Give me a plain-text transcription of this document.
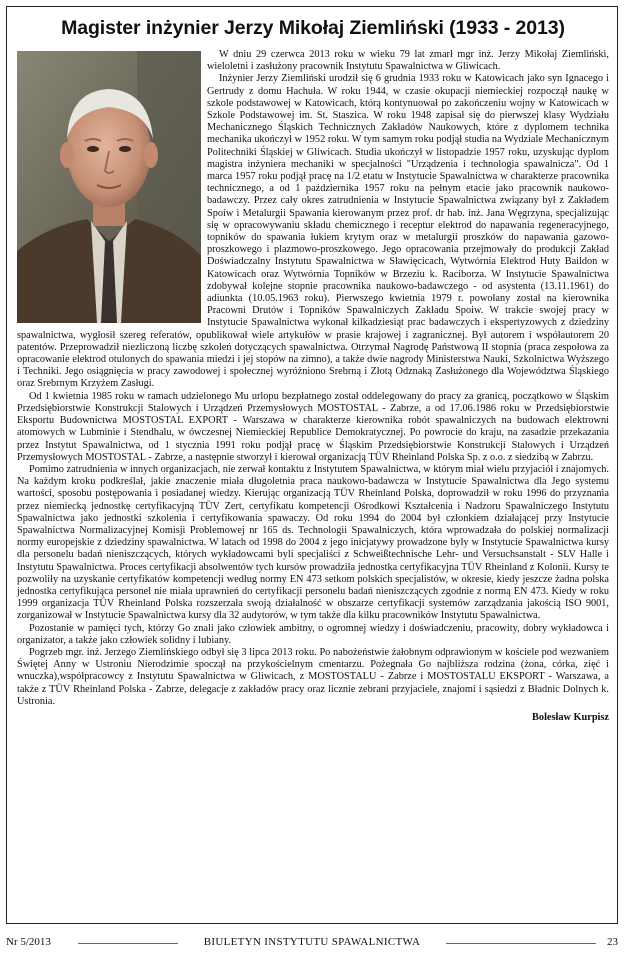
Magister inżynier Jerzy Mikołaj Ziemliński (1933 - 2013)

W dniu 29 czerwca 2013 roku w wieku 79 lat zmarł mgr inż. Jerzy Mikołaj Ziemliński, wieloletni i zasłużony pracownik Instytutu Spawalnictwa w Gliwicach.

Inżynier Jerzy Ziemliński urodził się 6 grudnia 1933 roku w Katowicach jako syn Ignacego i Gertrudy z domu Hachuła. W roku 1944, w czasie okupacji niemieckiej rozpoczął naukę w szkole podstawowej w Katowicach, którą kontynuował po zakończeniu wojny w Katowicach w Szkole Podstawowej im. St. Staszica. W roku 1948 zapisał się do pierwszej klasy Wydziału Mechanicznego Śląskich Technicznych Zakładów Naukowych, które z dyplomem technika mechanika ukończył w 1952 roku. W tym samym roku podjął studia na Wydziale Mechanicznym Politechniki Śląskiej w Gliwicach. Studia ukończył w listopadzie 1957 roku, uzyskując dyplom magistra inżyniera mechaniki w specjalności "Urządzenia i technologia spawalnicza". Od 1 marca 1957 roku podjął pracę na 1/2 etatu w Instytucie Spawalnictwa w charakterze pracownika technicznego, a od 1 października 1957 roku na pełnym etacie jako pracownik naukowo-badawczy. Przez cały okres zatrudnienia w Instytucie Spawalnictwa związany był z Zakładem Spoiw i Metalurgii Spawania kierowanym przez prof. dr hab. inż. Jana Węgrzyna, specjalizując się w opracowywaniu składu chemicznego i receptur elektrod do napawania regeneracyjnego, topników do spawania łukiem krytym oraz w metalurgii proszków do napawania gazowo-proszkowego i plazmowo-proszkowego. Jego opracowania przejmowały do produkcji Zakład Doświadczalny Instytutu Spawalnictwa w Sławięcicach, Wytwórnia Elektrod Huty Baildon w Katowicach oraz Wytwórnia Topników w Brzeziu k. Raciborza. W Instytucie Spawalnictwa zdobywał kolejne stopnie pracownika naukowo-badawczego - od asystenta (13.11.1961) do adiunkta (10.05.1963 roku). Pierwszego kwietnia 1979 r. powołany został na kierownika Pracowni Drutów i Topników Spawalniczych Zakładu Spoiw. W trakcie swojej pracy w Instytucie Spawalnictwa wykonał kilkadziesiąt prac badawczych i ekspertyzowych z dziedziny spawalnictwa, wygłosił szereg referatów, opublikował wiele artykułów w prasie krajowej i zagranicznej. Był autorem i współautorem 20 patentów. Przeprowadził niezliczoną liczbę szkoleń dotyczących spawalnictwa. Otrzymał Nagrodę Państwową II stopnia (praca zespołowa za opracowanie elektrod otulonych do spawania miedzi i jej stopów na zimno), a także dwie nagrody Ministerstwa Nauki, Szkolnictwa Wyższego i Techniki. Jego osiągnięcia w pracy zawodowej i społecznej wyróżniono Srebrną i Złotą Odznaką Zasłużonego dla Województwa Śląskiego oraz Srebrnym Krzyżem Zasługi.

Od 1 kwietnia 1985 roku w ramach udzielonego Mu urlopu bezpłatnego został oddelegowany do pracy za granicą, początkowo w Śląskim Przedsiębiorstwie Konstrukcji Stalowych i Urządzeń Przemysłowych MOSTOSTAL - Zabrze, a od 17.06.1986 roku w Przedsiębiorstwie Eksportu Budownictwa MOSTOSTAL EXPORT - Warszawa w charakterze kierownika robót spawalniczych na budowach elektrowni atomowych w Lubminie i Stendhalu, w ówczesnej Niemieckiej Republice Demokratycznej. Po powrocie do kraju, na zasadzie przekazania przez Instytut Spawalnictwa, od 1 stycznia 1991 roku podjął pracę w Śląskim Przedsiębiorstwie Konstrukcji Stalowych i Urządzeń Przemysłowych MOSTOSTAL - Zabrze, a następnie stworzył i kierował organizacją TÜV Rheinland Polska Sp. z o.o. z siedzibą w Zabrzu.

Pomimo zatrudnienia w innych organizacjach, nie zerwał kontaktu z Instytutem Spawalnictwa, w którym miał wielu przyjaciół i znajomych. Na każdym kroku podkreślał, jakie znaczenie miała długoletnia praca naukowo-badawcza w Instytucie Spawalnictwa dla Jego systemu wartości, sposobu postępowania i posiadanej wiedzy. Kierując organizacją TÜV Rheinland Polska, doprowadził w roku 1996 do przyznania przez niemiecką jednostkę certyfikacyjną TÜV Zert, certyfikatu kompetencji Ośrodkowi Kształcenia i Nadzoru Spawalniczego Instytutu Spawalnictwa jako jednostki szkolenia i certyfikowania spawaczy. Od roku 1994 do 2004 był członkiem działającej przy Instytucie Spawalnictwa Normalizacyjnej Komisji Problemowej nr 165 ds. Technologii Spawalniczych, która wprowadzała do polskiej normalizacji normy europejskie z dziedziny spawalnictwa. W latach od 1998 do 2004 z jego inicjatywy prowadzone były w Instytucie Spawalnictwa kursy dla personelu badań nieniszczących, których wykładowcami byli specjaliści z Schweißtechnische Lehr- und Versuchsanstalt - SLV Halle i Instytutu Spawalnictwa. Proces certyfikacji absolwentów tych kursów prowadziła jednostka certyfikacyjna TÜV Rheinland z Kolonii. Kursy te pozwoliły na uzyskanie certyfikatów kompetencji według normy EN 473 setkom polskich specjalistów, w okresie, kiedy jeszcze żadna polska jednostka certyfikująca personel nie miała uprawnień do certyfikacji personelu badań nieniszczących zgodnie z normą EN 473. Kiedy w roku 1999 organizacja TÜV Rheinland Polska rozszerzała swoją działalność w obszarze certyfikacji systemów zarządzania jakością ISO 9001, zorganizował w Instytucie Spawalnictwa kursy dla 32 audytorów, w tym także dla kilku pracowników Instytutu Spawalnictwa.

Pozostanie w pamięci tych, którzy Go znali jako człowiek ambitny, o ogromnej wiedzy i doświadczeniu, pracowity, dobry wykładowca i organizator, a także jako człowiek solidny i lubiany.

Pogrzeb mgr. inż. Jerzego Ziemlińskiego odbył się 3 lipca 2013 roku. Po nabożeństwie żałobnym odprawionym w kościele pod wezwaniem Świętej Anny w Ustroniu Nierodzimie spoczął na przykościelnym cmentarzu. Pożegnała Go najbliższa rodzina (żona, córka, zięć i wnuczka),współpracowcy z Instytutu Spawalnictwa w Gliwicach, z MOSTOSTALU - Zabrze i MOSTOSTALU EKSPORT - Warszawa, a także z TÜV Rheinland Polska - Zabrze, delegacje z zakładów pracy oraz licznie zebrani przyjaciele, znajomi i sąsiedzi z Bładnic Dolnych k. Ustronia.

Bolesław Kurpisz
Nr 5/2013	BIULETYN INSTYTUTU SPAWALNICTWA	23
